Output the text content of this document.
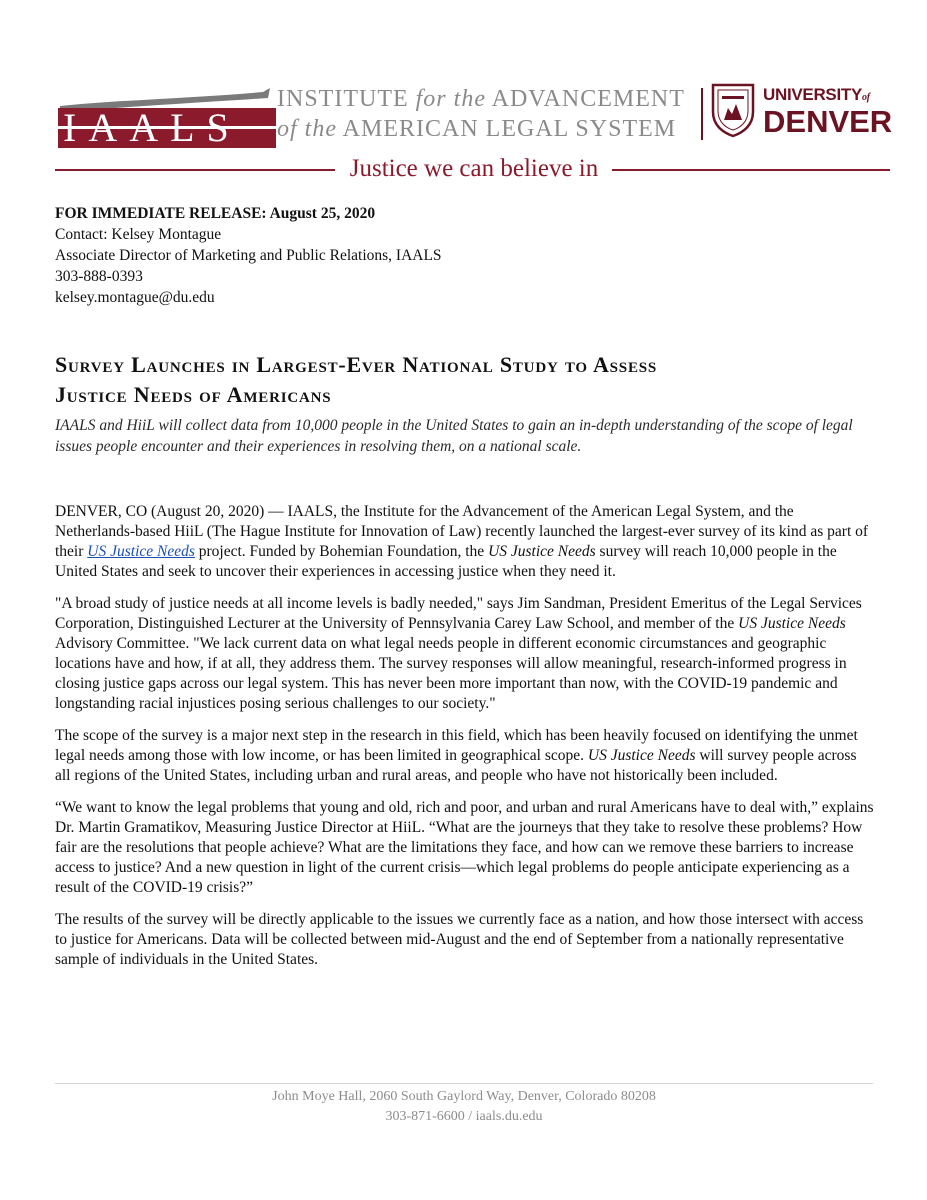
IAALS
INSTITUTE for the ADVANCEMENT
of the AMERICAN LEGAL SYSTEM
UNIVERSITYof
DENVER
Justice we can believe in
FOR IMMEDIATE RELEASE: August 25, 2020
Contact: Kelsey Montague
Associate Director of Marketing and Public Relations, IAALS
303-888-0393
kelsey.montague@du.edu
Survey Launches in Largest-Ever National Study to Assess
Justice Needs of Americans
IAALS and HiiL will collect data from 10,000 people in the United States to gain an in-depth understanding of the scope of legal issues people encounter and their experiences in resolving them, on a national scale.

DENVER, CO (August 20, 2020) — IAALS, the Institute for the Advancement of the American Legal System, and the Netherlands-based HiiL (The Hague Institute for Innovation of Law) recently launched the largest-ever survey of its kind as part of their US Justice Needs project. Funded by Bohemian Foundation, the US Justice Needs survey will reach 10,000 people in the United States and seek to uncover their experiences in accessing justice when they need it.

"A broad study of justice needs at all income levels is badly needed," says Jim Sandman, President Emeritus of the Legal Services Corporation, Distinguished Lecturer at the University of Pennsylvania Carey Law School, and member of the US Justice Needs Advisory Committee. "We lack current data on what legal needs people in different economic circumstances and geographic locations have and how, if at all, they address them. The survey responses will allow meaningful, research-informed progress in closing justice gaps across our legal system. This has never been more important than now, with the COVID-19 pandemic and longstanding racial injustices posing serious challenges to our society."

The scope of the survey is a major next step in the research in this field, which has been heavily focused on identifying the unmet legal needs among those with low income, or has been limited in geographical scope. US Justice Needs will survey people across all regions of the United States, including urban and rural areas, and people who have not historically been included.

“We want to know the legal problems that young and old, rich and poor, and urban and rural Americans have to deal with,” explains Dr. Martin Gramatikov, Measuring Justice Director at HiiL. “What are the journeys that they take to resolve these problems? How fair are the resolutions that people achieve? What are the limitations they face, and how can we remove these barriers to increase access to justice? And a new question in light of the current crisis—which legal problems do people anticipate experiencing as a result of the COVID-19 crisis?”

The results of the survey will be directly applicable to the issues we currently face as a nation, and how those intersect with access to justice for Americans. Data will be collected between mid-August and the end of September from a nationally representative sample of individuals in the United States.

John Moye Hall, 2060 South Gaylord Way, Denver, Colorado 80208
303-871-6600 / iaals.du.edu
